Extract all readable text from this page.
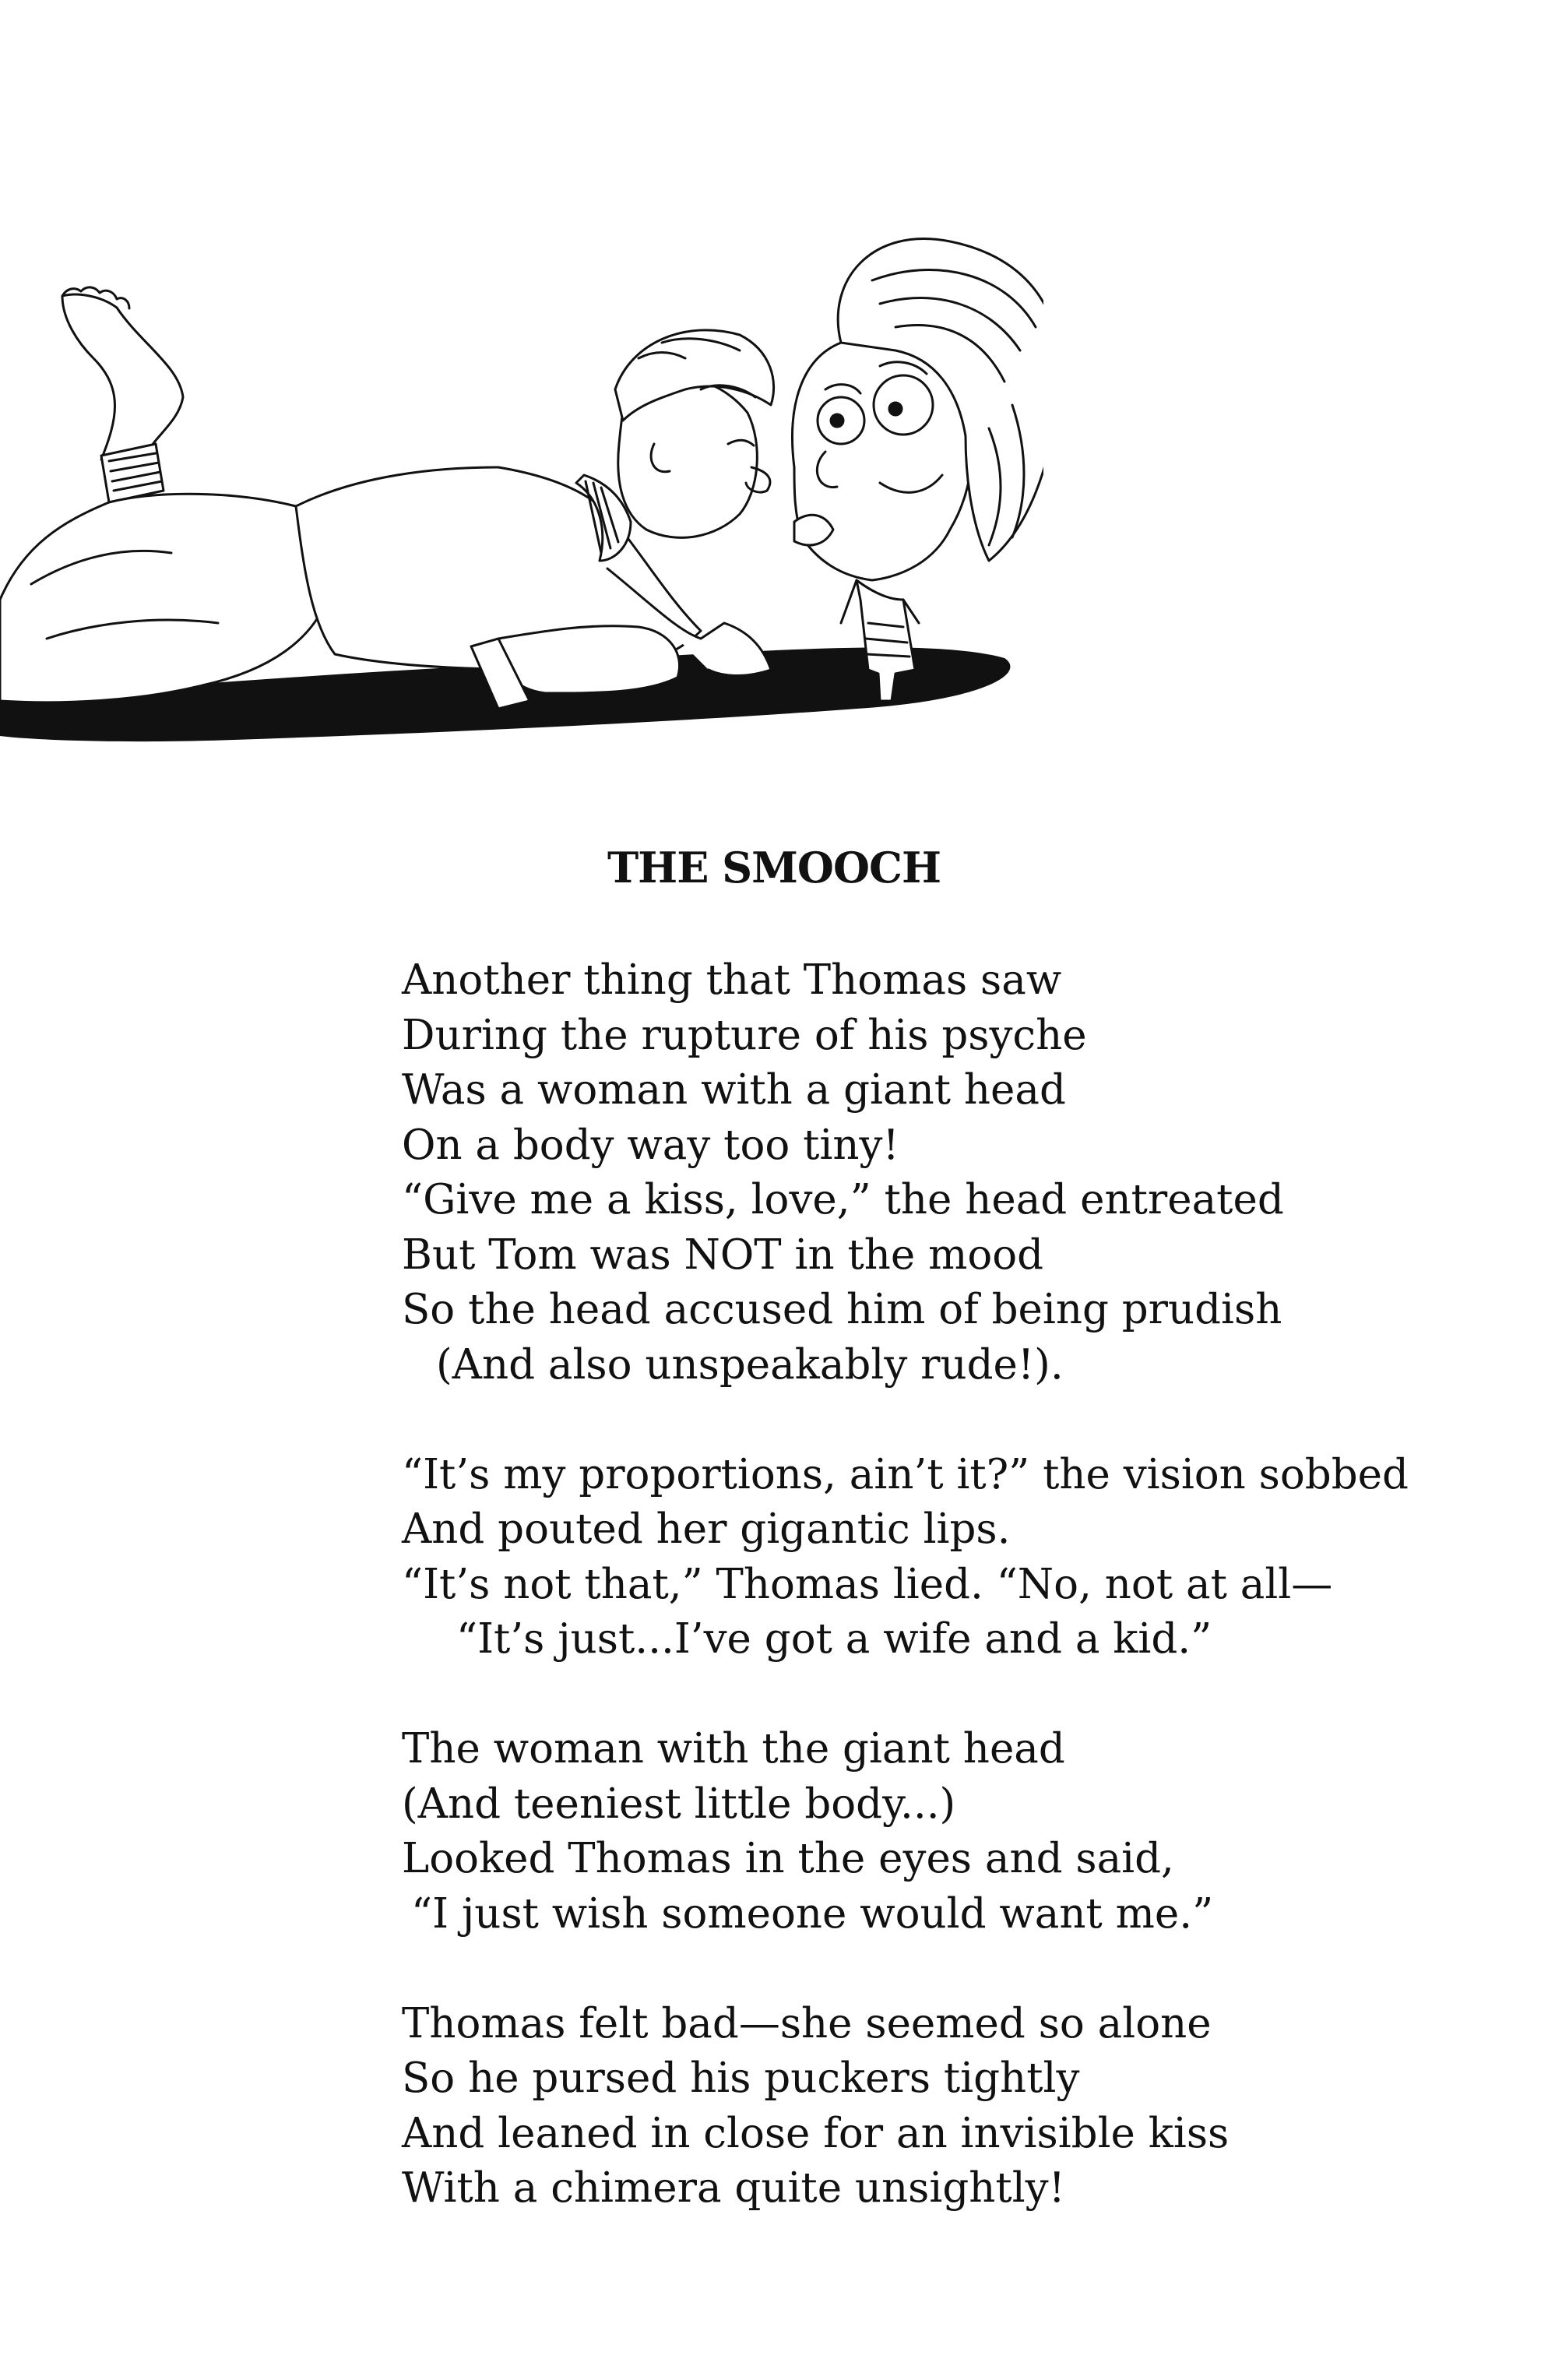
THE SMOOCH
Another thing that Thomas saw
During the rupture of his psyche
Was a woman with a giant head
On a body way too tiny!
“Give me a kiss, love,” the head entreated
But Tom was NOT in the mood
So the head accused him of being prudish
(And also unspeakably rude!).
“It’s my proportions, ain’t it?” the vision sobbed
And pouted her gigantic lips.
“It’s not that,” Thomas lied. “No, not at all—
“It’s just...I’ve got a wife and a kid.”
The woman with the giant head
(And teeniest little body...)
Looked Thomas in the eyes and said,
“I just wish someone would want me.”
Thomas felt bad—she seemed so alone
So he pursed his puckers tightly
And leaned in close for an invisible kiss
With a chimera quite unsightly!
